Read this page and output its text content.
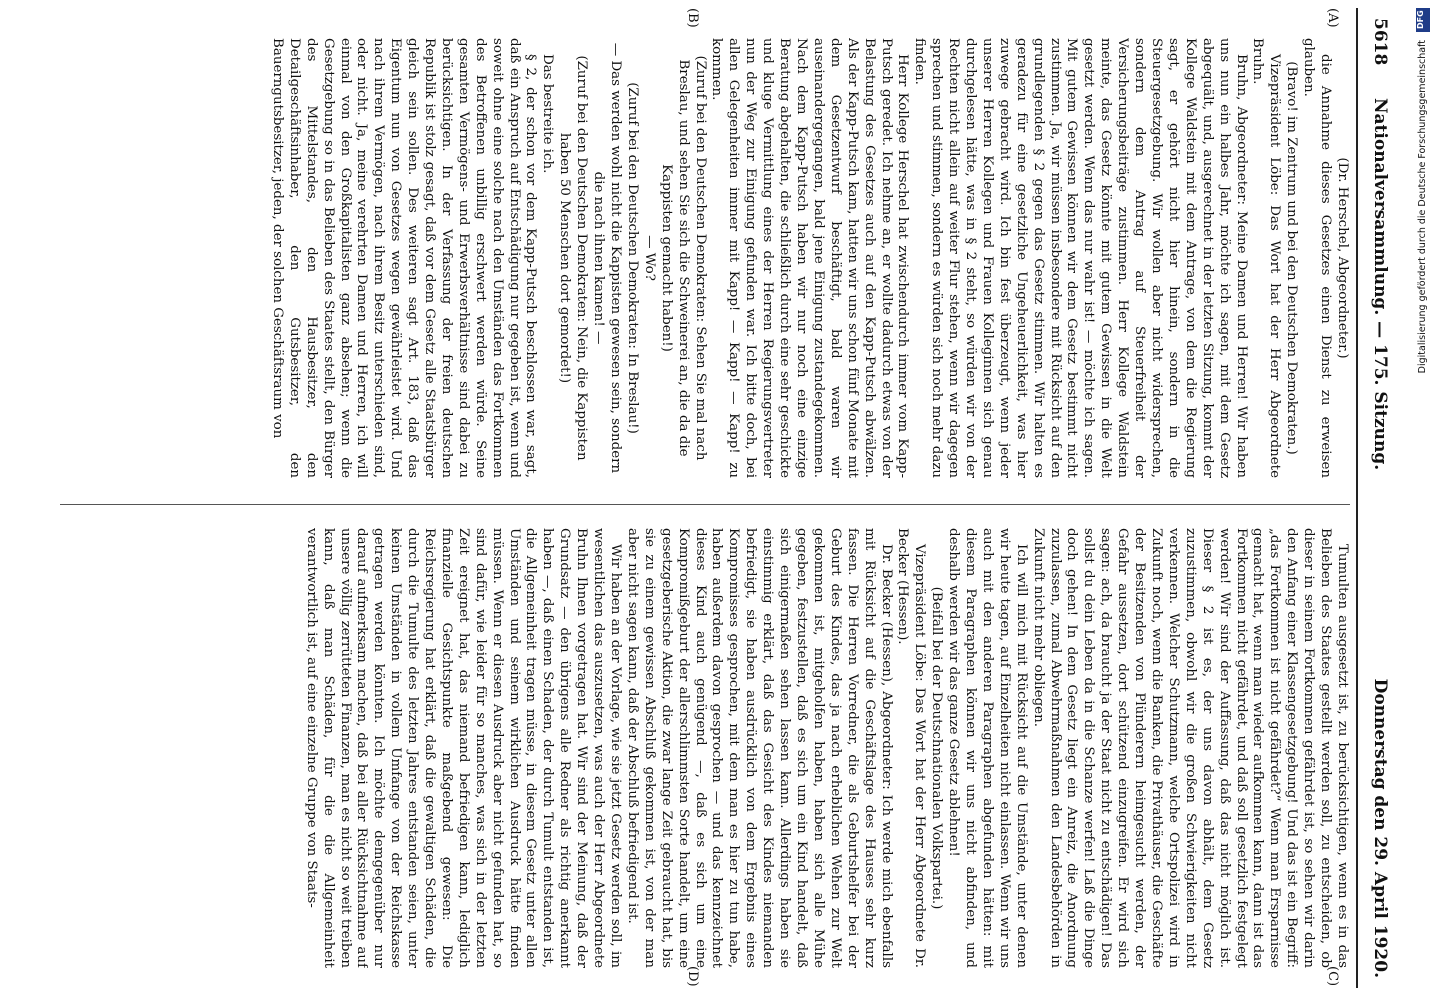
5618
Nationalversammlung. — 175. Sitzung.
Donnerstag den 29. April 1920.
(A)
(B)
(C)
(D)

(Dr. Herschel, Abgeordneter.)

die Annahme dieses Gesetzes einen Dienst zu erweisen glauben.

(Bravo! im Zentrum und bei den Deutschen Demokraten.)

Vizepräsident Löbe: Das Wort hat der Herr Abgeordnete Bruhn.

Bruhn, Abgeordneter: Meine Damen und Herren! Wir haben uns nun ein halbes Jahr, möchte ich sagen, mit dem Gesetz abgequält, und, ausgerechnet in der letzten Sitzung, kommt der Kollege Waldstein mit dem Antrage, von dem die Regierung sagt, er gehört nicht hier hinein, sondern in die Steuergesetzgebung. Wir wollen aber nicht widersprechen, sondern dem Antrag auf Steuerfreiheit der Versicherungsbeiträge zustimmen. Herr Kollege Waldstein meinte, das Gesetz könnte mit gutem Gewissen in die Welt gesetzt werden. Wenn das nur wahr ist! — möchte ich sagen. Mit gutem Gewissen können wir dem Gesetz bestimmt nicht zustimmen. Ja, wir müssen insbesondere mit Rücksicht auf den grundlegenden § 2 gegen das Gesetz stimmen. Wir halten es geradezu für eine gesetzliche Ungeheuerlichkeit, was hier zuwege gebracht wird. Ich bin fest überzeugt, wenn jeder unserer Herren Kollegen und Frauen Kolleginnen sich genau durchgelesen hätte, was in § 2 steht, so würden wir von der Rechten nicht allein auf weiter Flur stehen, wenn wir dagegen sprechen und stimmen, sondern es würden sich noch mehr dazu finden.

Herr Kollege Herschel hat zwischendurch immer vom Kapp-Putsch geredet. Ich nehme an, er wollte dadurch etwas von der Belastung des Gesetzes auch auf den Kapp-Putsch abwälzen. Als der Kapp-Putsch kam, hatten wir uns schon fünf Monate mit dem Gesetzentwurf beschäftigt, bald waren wir auseinandergegangen, bald jene Einigung zustandegekommen. Nach dem Kapp-Putsch haben wir nur noch eine einzige Beratung abgehalten, die schließlich durch eine sehr geschickte und kluge Vermittlung eines der Herren Regierungsvertreter nun der Weg zur Einigung gefunden war. Ich bitte doch, bei allen Gelegenheiten immer mit Kapp! — Kapp! — Kapp! zu kommen.

(Zuruf bei den Deutschen Demokraten: Sehen Sie mal nach Breslau, und sehen Sie sich die Schweinerei an, die da die Kappisten gemacht haben!)

— Wo?

(Zuruf bei den Deutschen Demokraten: In Breslau!)

— Das werden wohl nicht die Kappisten gewesen sein, sondern die nach ihnen kamen! —

(Zuruf bei den Deutschen Demokraten: Nein, die Kappisten haben 50 Menschen dort gemordet!)

Das bestreite ich.

§ 2, der schon vor dem Kapp-Putsch beschlossen war, sagt, daß ein Anspruch auf Entschädigung nur gegeben ist, wenn und soweit ohne eine solche nach den Umständen das Fortkommen des Betroffenen unbillig erschwert werden würde. Seine gesamten Vermögens- und Erwerbsverhältnisse sind dabei zu berücksichtigen. In der Verfassung der freien deutschen Republik ist stolz gesagt, daß vor dem Gesetz alle Staatsbürger gleich sein sollen. Des weiteren sagt Art. 183, daß das Eigentum nun von Gesetzes wegen gewährleistet wird. Und nach ihrem Vermögen, nach ihrem Besitz unterschieden sind, oder nicht. Ja, meine verehrten Damen und Herren, ich will einmal von den Großkapitalisten ganz absehen; wenn die Gesetzgebung so in das Belieben des Staates stellt, den Bürger des Mittelstandes, den Hausbesitzer, den Detailgeschäftsinhaber, den Gutsbesitzer, den Bauerngutsbesitzer, jeden, der solchen Geschäftsraum von

Tumulten ausgesetzt ist, zu berücksichtigen, wenn es in das Belieben des Staates gestellt werden soll, zu entscheiden, ob dieser in seinem Fortkommen gefährdet ist, so sehen wir darin den Anfang einer Klassengesetzgebung! Und das ist ein Begriff: „das Fortkommen ist nicht gefährdet?“ Wenn man Ersparnisse gemacht hat, wenn man wieder aufkommen kann, dann ist das Fortkommen nicht gefährdet, und daß soll gesetzlich festgelegt werden! Wir sind der Auffassung, daß das nicht möglich ist. Dieser § 2 ist es, der uns davon abhält, dem Gesetz zuzustimmen, obwohl wir die großen Schwierigkeiten nicht verkennen. Welcher Schutzmann, welche Ortspolizei wird in Zukunft noch, wenn die Banken, die Privathäuser, die Geschäfte der Besitzenden von Plünderern heimgesucht werden, der Gefahr aussetzen, dort schützend einzugreifen. Er wird sich sagen: ach, da braucht ja der Staat nicht zu entschädigen! Das sollst du dein Leben da in die Schanze werfen! Laß die Dinge doch gehen! In dem Gesetz liegt ein Anreiz, die Anordnung zuzulassen, zumal Abwehrmaßnahmen den Landesbehörden in Zukunft nicht mehr obliegen.

Ich will mich mit Rücksicht auf die Umstände, unter denen wir heute tagen, auf Einzelheiten nicht einlassen. Wenn wir uns auch mit den anderen Paragraphen abgefunden hätten: mit diesem Paragraphen können wir uns nicht abfinden, und deshalb werden wir das ganze Gesetz ablehnen!

(Beifall bei der Deutschnationalen Volkspartei.)

Vizepräsident Löbe: Das Wort hat der Herr Abgeordnete Dr. Becker (Hessen).

Dr. Becker (Hessen), Abgeordneter: Ich werde mich ebenfalls mit Rücksicht auf die Geschäftslage des Hauses sehr kurz fassen. Die Herren Vorredner, die als Geburtshelfer bei der Geburt des Kindes, das ja nach erheblichen Wehen zur Welt gekommen ist, mitgeholfen haben, haben sich alle Mühe gegeben, festzustellen, daß es sich um ein Kind handelt, daß sich einigermaßen sehen lassen kann. Allerdings haben sie einstimmig erklärt, daß das Gesicht des Kindes niemanden befriedigt, sie haben ausdrücklich von dem Ergebnis eines Kompromisses gesprochen, mit dem man es hier zu tun habe, haben außerdem davon gesprochen — und das kennzeichnet dieses Kind auch genügend —, daß es sich um eine Kompromißgeburt der allerschlimmsten Sorte handelt, um eine gesetzgeberische Aktion, die zwar lange Zeit gebraucht hat, bis sie zu einem gewissen Abschluß gekommen ist, von der man aber nicht sagen kann, daß der Abschluß befriedigend ist.

Wir haben an der Vorlage, wie sie jetzt Gesetz werden soll, im wesentlichen das auszusetzen, was auch der Herr Abgeordnete Bruhn Ihnen vorgetragen hat. Wir sind der Meinung, daß der Grundsatz — den übrigens alle Redner als richtig anerkannt haben —, daß einen Schaden, der durch Tumult entstanden ist, die Allgemeinheit tragen müsse, in diesem Gesetz unter allen Umständen und seinem wirklichen Ausdruck hätte finden müssen. Wenn er diesen Ausdruck aber nicht gefunden hat, so sind dafür, wie leider für so manches, was sich in der letzten Zeit ereignet hat, das niemand befriedigen kann, lediglich finanzielle Gesichtspunkte maßgebend gewesen: Die Reichsregierung hat erklärt, daß die gewaltigen Schäden, die durch die Tumulte des letzten Jahres entstanden seien, unter keinen Umständen in vollem Umfange von der Reichskasse getragen werden könnten. Ich möchte demgegenüber nur darauf aufmerksam machen, daß bei aller Rücksichtnahme auf unsere völlig zerrütteten Finanzen, man es nicht so weit treiben kann, daß man Schäden, für die die Allgemeinheit verantwortlich ist, auf eine einzelne Gruppe von Staats-

DFG
Digitalisierung gefördert durch die Deutsche Forschungsgemeinschaft
